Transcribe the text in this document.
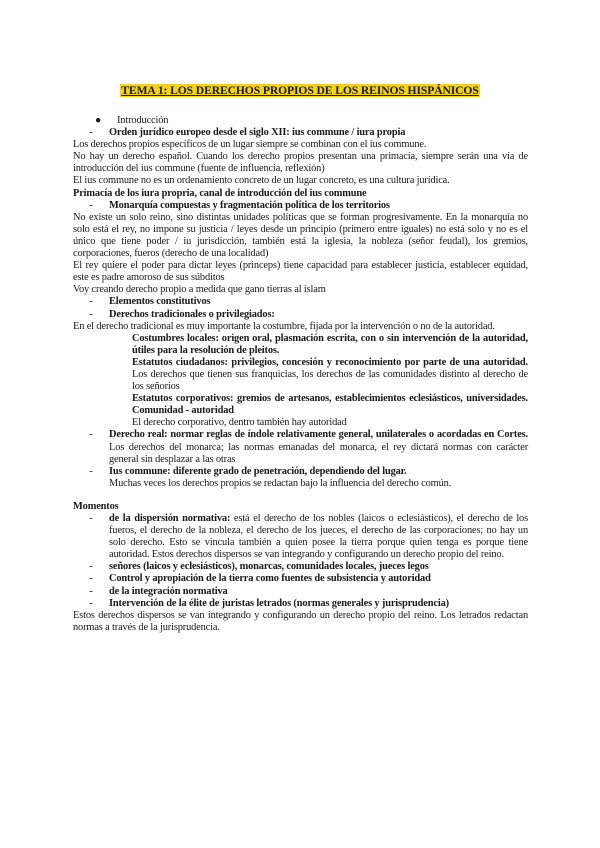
TEMA 1: LOS DERECHOS PROPIOS DE LOS REINOS HISPÁNICOS

● Introducción

-	Orden jurídico europeo desde el siglo XII: ius commune / iura propia

Los derechos propios específicos de un lugar siempre se combinan con el ius commune.

No hay un derecho español. Cuando los derecho propios presentan una primacía, siempre serán una vía de introducción del ius commune (fuente de influencia, reflexión)

El ius commune no es un ordenamiento concreto de un lugar concreto, es una cultura jurídica.

Primacía de los iura propria, canal de introducción del ius commune

-	Monarquía compuestas y fragmentación política de los territorios

No existe un solo reino, sino distintas unidades políticas que se forman progresivamente. En la monarquía no solo está el rey, no impone su justicia / leyes desde un principio (primero entre iguales) no está solo y no es el único que tiene poder / iu jurisdicción, también está la iglesia, la nobleza (señor feudal), los gremios, corporaciones, fueros (derecho de una localidad)

El rey quiere el poder para dictar leyes (princeps) tiene capacidad para establecer justicia, establecer equidad, este es padre amoroso de sus súbditos

Voy creando derecho propio a medida que gano tierras al islam

-	Elementos constitutivos
-	Derechos tradicionales o privilegiados:

En el derecho tradicional es muy importante la costumbre, fijada por la intervención o no de la autoridad.

Costumbres locales: origen oral, plasmación escrita, con o sin intervención de la autoridad, útiles para la resolución de pleitos.

Estatutos ciudadanos: privilegios, concesión y reconocimiento por parte de una autoridad. Los derechos que tienen sus franquicias, los derechos de las comunidades distinto al derecho de los señoríos

Estatutos corporativos: gremios de artesanos, establecimientos eclesiásticos, universidades. Comunidad - autoridad

El derecho corporativo, dentro también hay autoridad

-	Derecho real: normar reglas de índole relativamente general, unilaterales o acordadas en Cortes. Los derechos del monarca; las normas emanadas del monarca, el rey dictará normas con carácter general sin desplazar a las otras
-	Ius commune: diferente grado de penetración, dependiendo del lugar.
Muchas veces los derechos propios se redactan bajo la influencia del derecho común.

Momentos

-	de la dispersión normativa: está el derecho de los nobles (laicos o eclesiásticos), el derecho de los fueros, el derecho de la nobleza, el derecho de los jueces, el derecho de las corporaciones; no hay un solo derecho. Esto se vincula también a quien posee la tierra porque quien tenga es porque tiene autoridad. Estos derechos dispersos se van integrando y configurando un derecho propio del reino.
-	señores (laicos y eclesiásticos), monarcas, comunidades locales, jueces legos
-	Control y apropiación de la tierra como fuentes de subsistencia y autoridad
-	de la integración normativa
-	Intervención de la élite de juristas letrados (normas generales y jurisprudencia)

Estos derechos dispersos se van integrando y configurando un derecho propio del reino. Los letrados redactan normas a través de la jurisprudencia.
